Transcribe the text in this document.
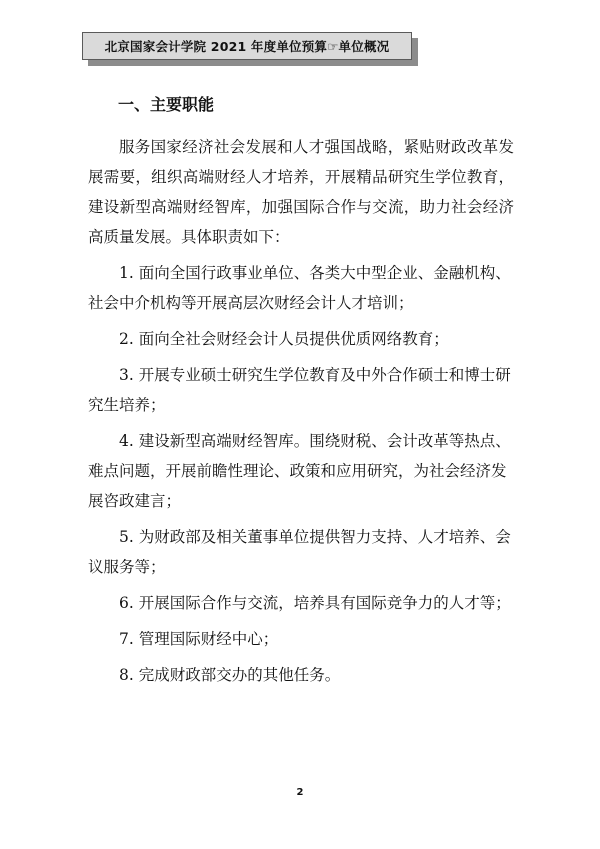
北京国家会计学院 2021 年度单位预算☞单位概况
一、主要职能

服务国家经济社会发展和人才强国战略，紧贴财政改革发展需要，组织高端财经人才培养，开展精品研究生学位教育，建设新型高端财经智库，加强国际合作与交流，助力社会经济高质量发展。具体职责如下：

1. 面向全国行政事业单位、各类大中型企业、金融机构、社会中介机构等开展高层次财经会计人才培训；

2. 面向全社会财经会计人员提供优质网络教育；

3. 开展专业硕士研究生学位教育及中外合作硕士和博士研究生培养；

4. 建设新型高端财经智库。围绕财税、会计改革等热点、难点问题，开展前瞻性理论、政策和应用研究，为社会经济发展咨政建言；

5. 为财政部及相关董事单位提供智力支持、人才培养、会议服务等；

6. 开展国际合作与交流，培养具有国际竞争力的人才等；

7. 管理国际财经中心；

8. 完成财政部交办的其他任务。

2
